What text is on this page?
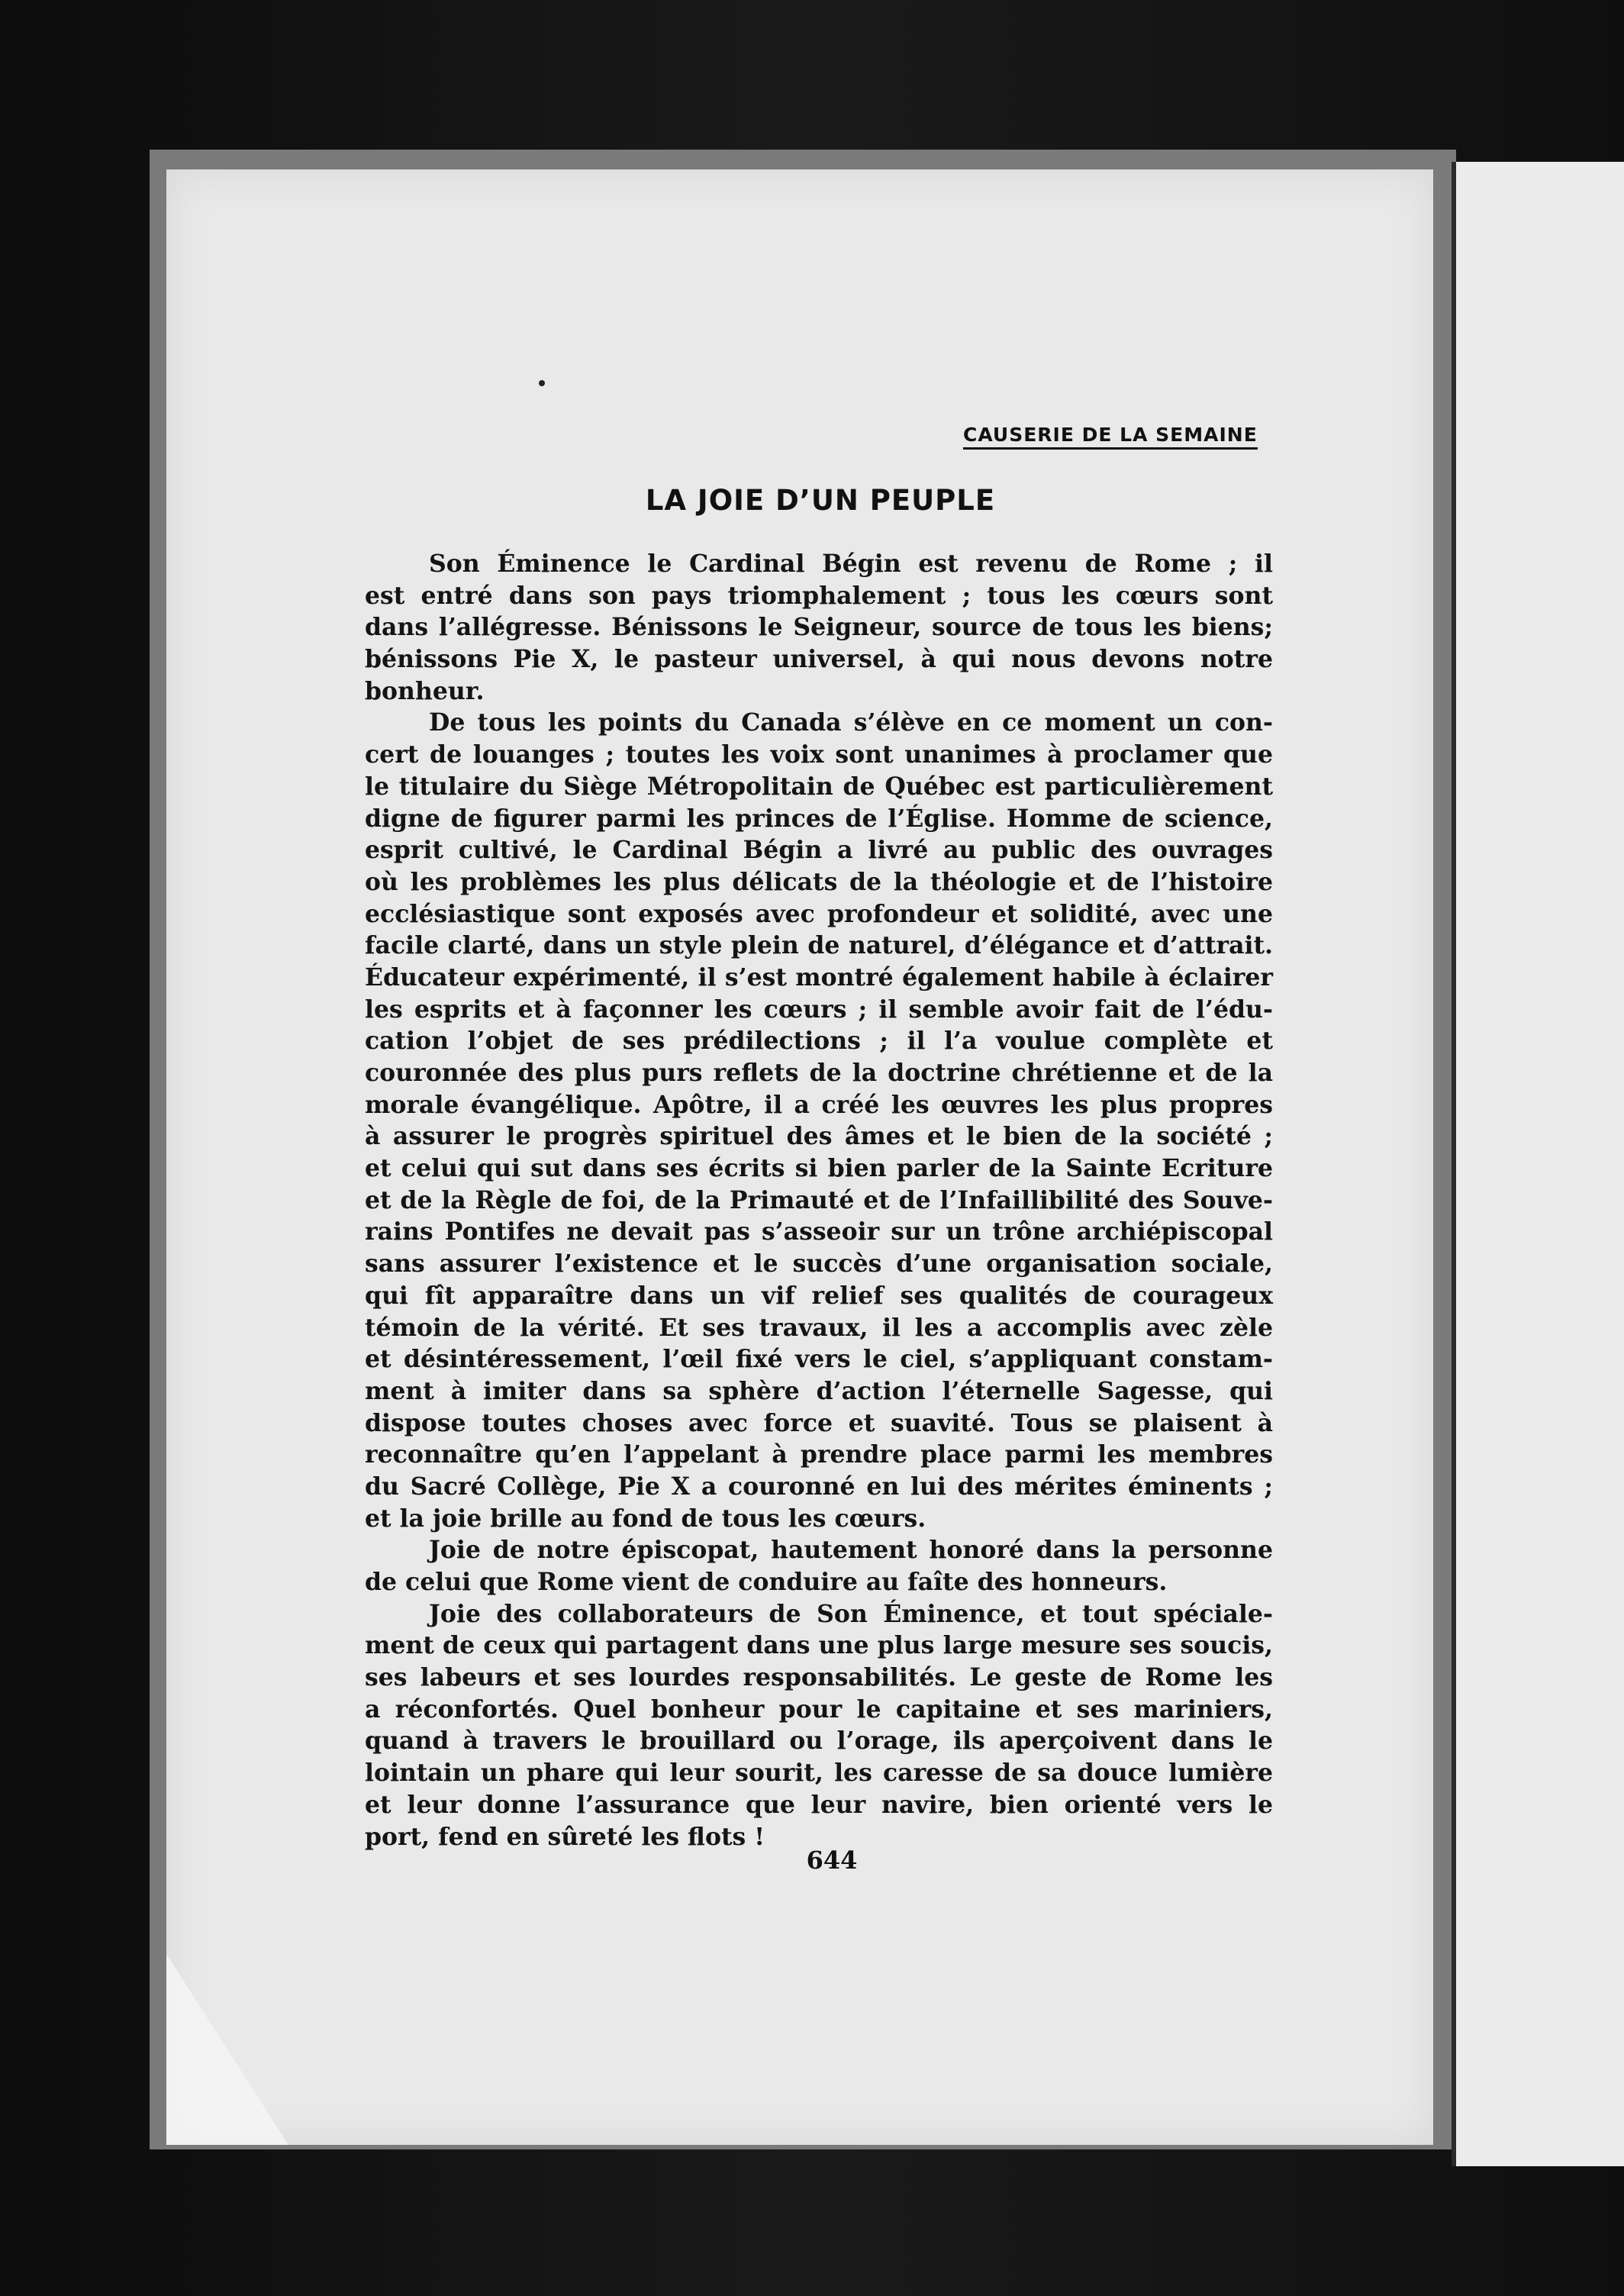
CAUSERIE DE LA SEMAINE
LA JOIE D’UN PEUPLE
Son Éminence le Cardinal Bégin est revenu de Rome ; il
est entré dans son pays triomphalement ; tous les cœurs sont
dans l’allégresse. Bénissons le Seigneur, source de tous les biens;
bénissons Pie X, le pasteur universel, à qui nous devons notre
bonheur.
De tous les points du Canada s’élève en ce moment un con-
cert de louanges ; toutes les voix sont unanimes à proclamer que
le titulaire du Siège Métropolitain de Québec est particulièrement
digne de figurer parmi les princes de l’Église. Homme de science,
esprit cultivé, le Cardinal Bégin a livré au public des ouvrages
où les problèmes les plus délicats de la théologie et de l’histoire
ecclésiastique sont exposés avec profondeur et solidité, avec une
facile clarté, dans un style plein de naturel, d’élégance et d’attrait.
Éducateur expérimenté, il s’est montré également habile à éclairer
les esprits et à façonner les cœurs ; il semble avoir fait de l’édu-
cation l’objet de ses prédilections ; il l’a voulue complète et
couronnée des plus purs reflets de la doctrine chrétienne et de la
morale évangélique. Apôtre, il a créé les œuvres les plus propres
à assurer le progrès spirituel des âmes et le bien de la société ;
et celui qui sut dans ses écrits si bien parler de la Sainte Ecriture
et de la Règle de foi, de la Primauté et de l’Infaillibilité des Souve-
rains Pontifes ne devait pas s’asseoir sur un trône archiépiscopal
sans assurer l’existence et le succès d’une organisation sociale,
qui fît apparaître dans un vif relief ses qualités de courageux
témoin de la vérité. Et ses travaux, il les a accomplis avec zèle
et désintéressement, l’œil fixé vers le ciel, s’appliquant constam-
ment à imiter dans sa sphère d’action l’éternelle Sagesse, qui
dispose toutes choses avec force et suavité. Tous se plaisent à
reconnaître qu’en l’appelant à prendre place parmi les membres
du Sacré Collège, Pie X a couronné en lui des mérites éminents ;
et la joie brille au fond de tous les cœurs.
Joie de notre épiscopat, hautement honoré dans la personne
de celui que Rome vient de conduire au faîte des honneurs.
Joie des collaborateurs de Son Éminence, et tout spéciale-
ment de ceux qui partagent dans une plus large mesure ses soucis,
ses labeurs et ses lourdes responsabilités. Le geste de Rome les
a réconfortés. Quel bonheur pour le capitaine et ses mariniers,
quand à travers le brouillard ou l’orage, ils aperçoivent dans le
lointain un phare qui leur sourit, les caresse de sa douce lumière
et leur donne l’assurance que leur navire, bien orienté vers le
port, fend en sûreté les flots !
644
